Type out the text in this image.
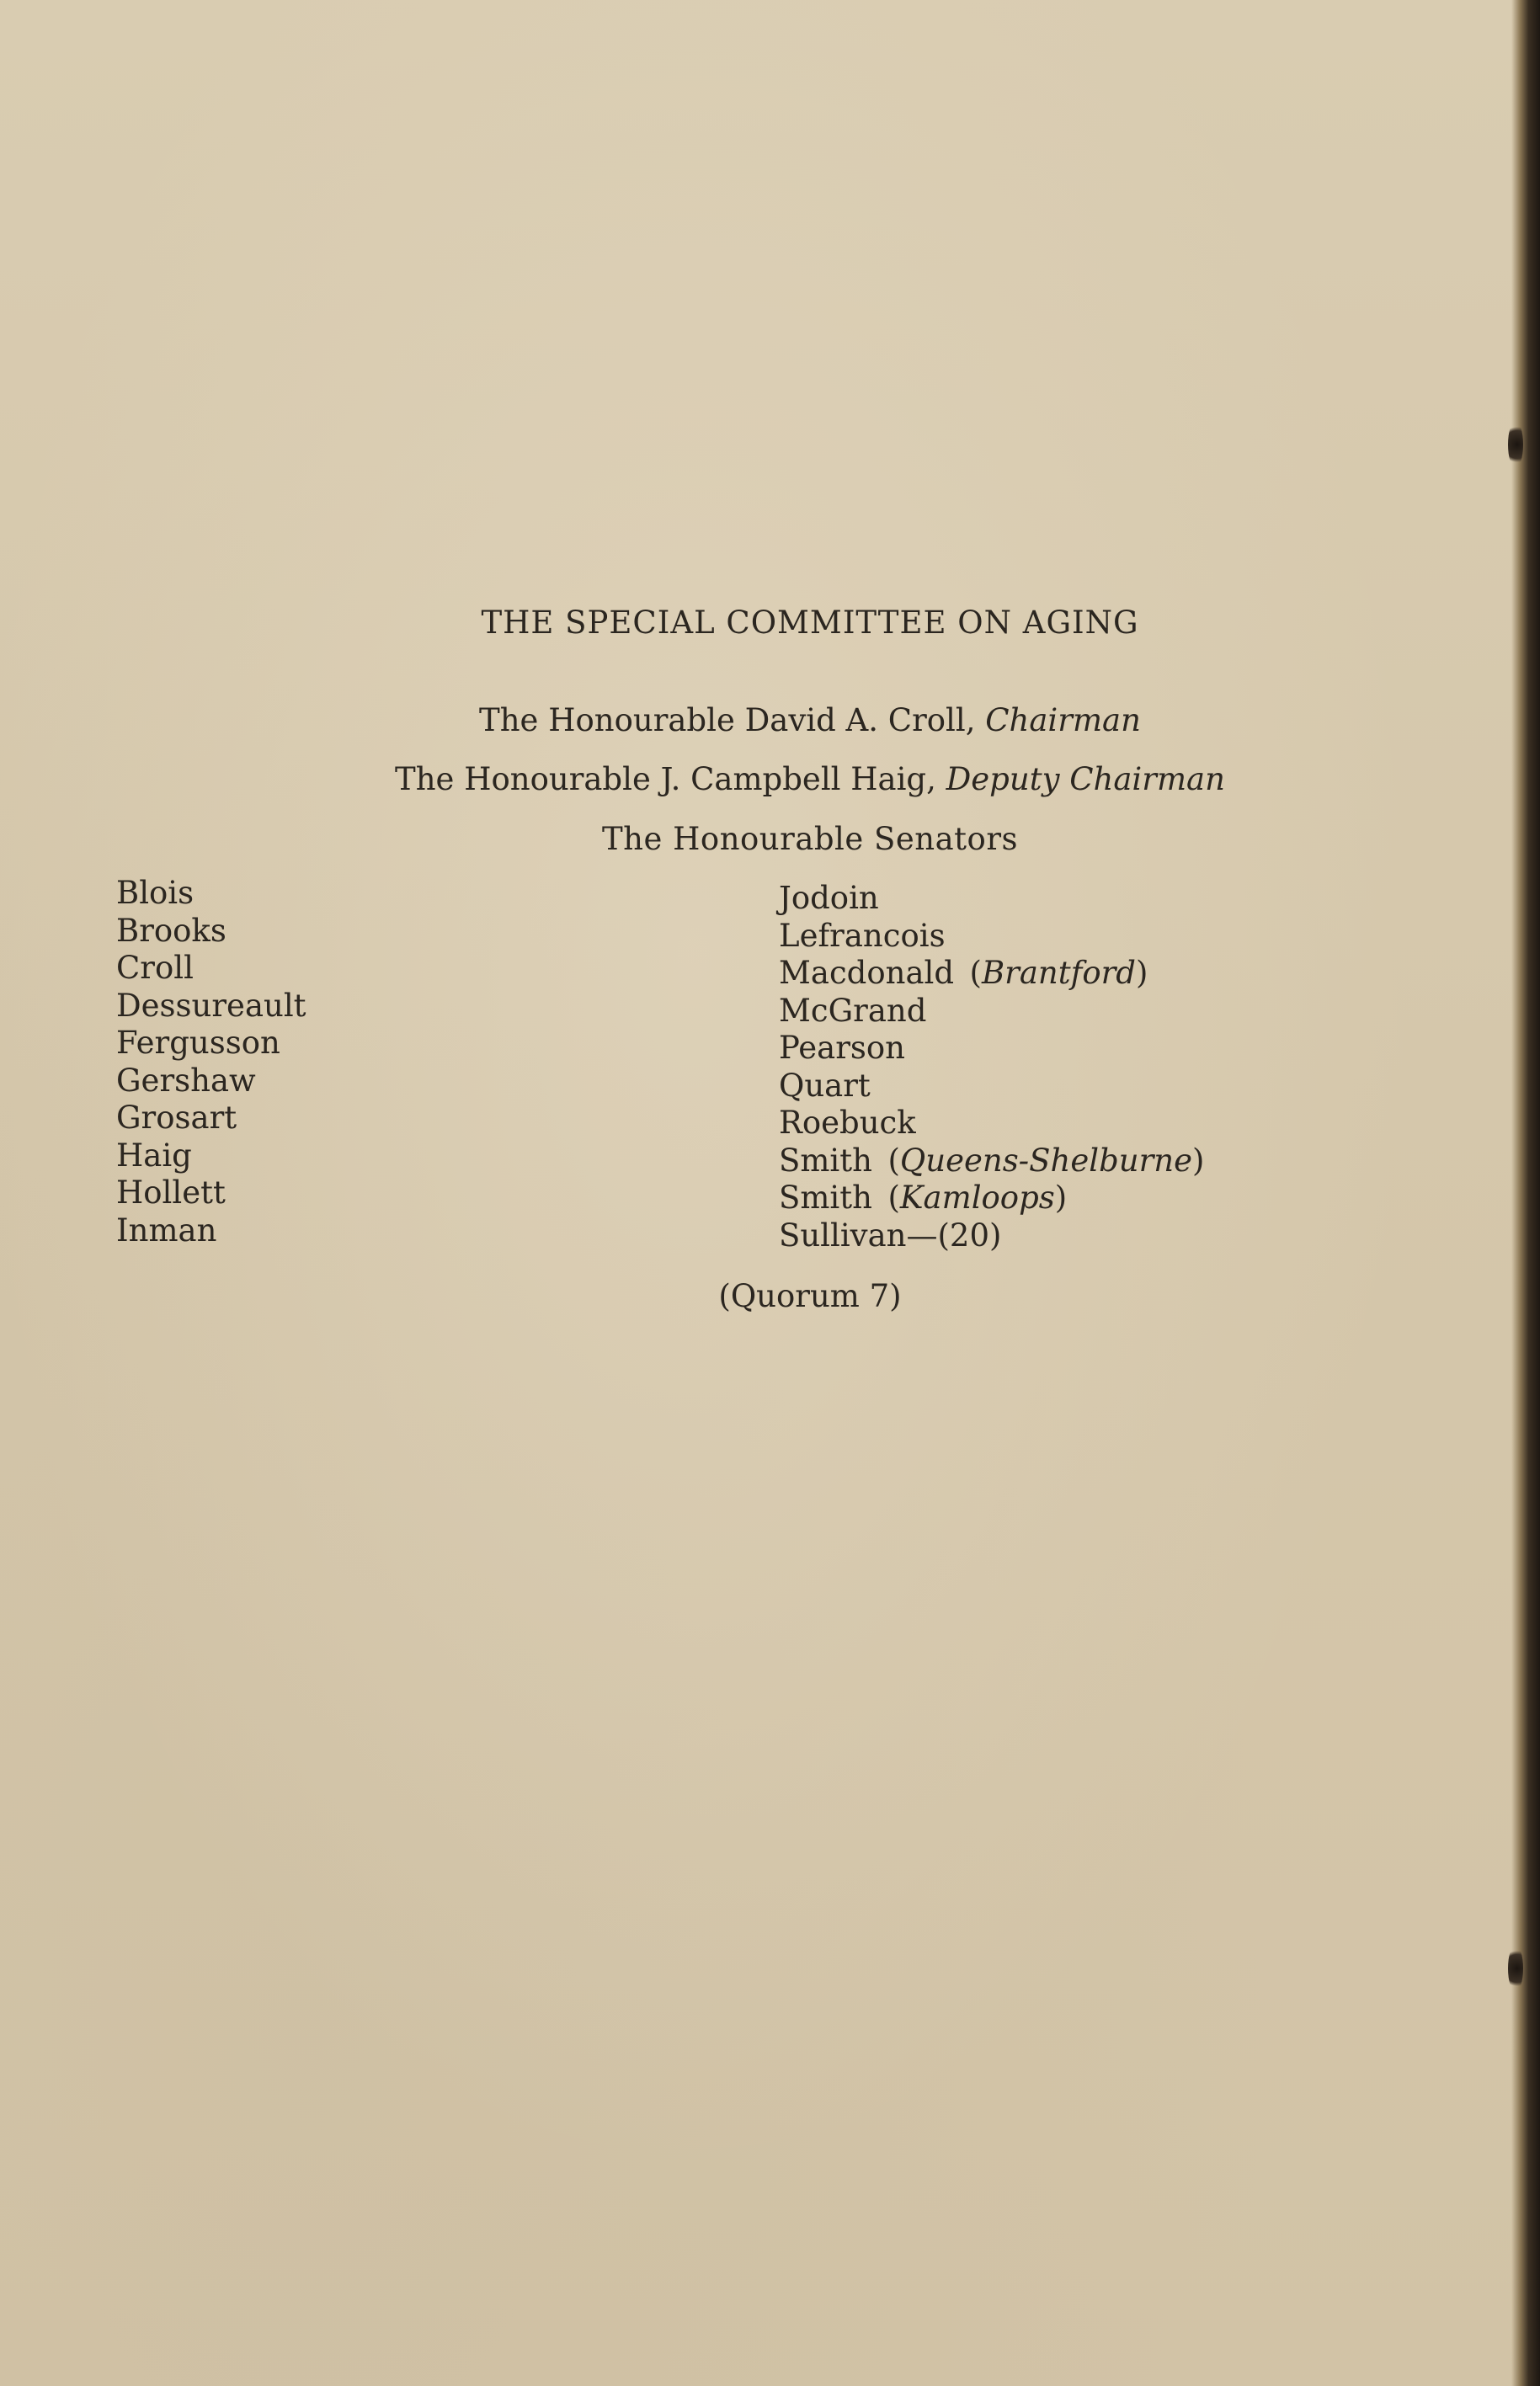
THE SPECIAL COMMITTEE ON AGING
The Honourable David A. Croll, Chairman
The Honourable J. Campbell Haig, Deputy Chairman
The Honourable Senators
Blois
Brooks
Croll
Dessureault
Fergusson
Gershaw
Grosart
Haig
Hollett
Inman
Jodoin
Lefrancois
Macdonald (Brantford)
McGrand
Pearson
Quart
Roebuck
Smith (Queens-Shelburne)
Smith (Kamloops)
Sullivan—(20)
(Quorum 7)
